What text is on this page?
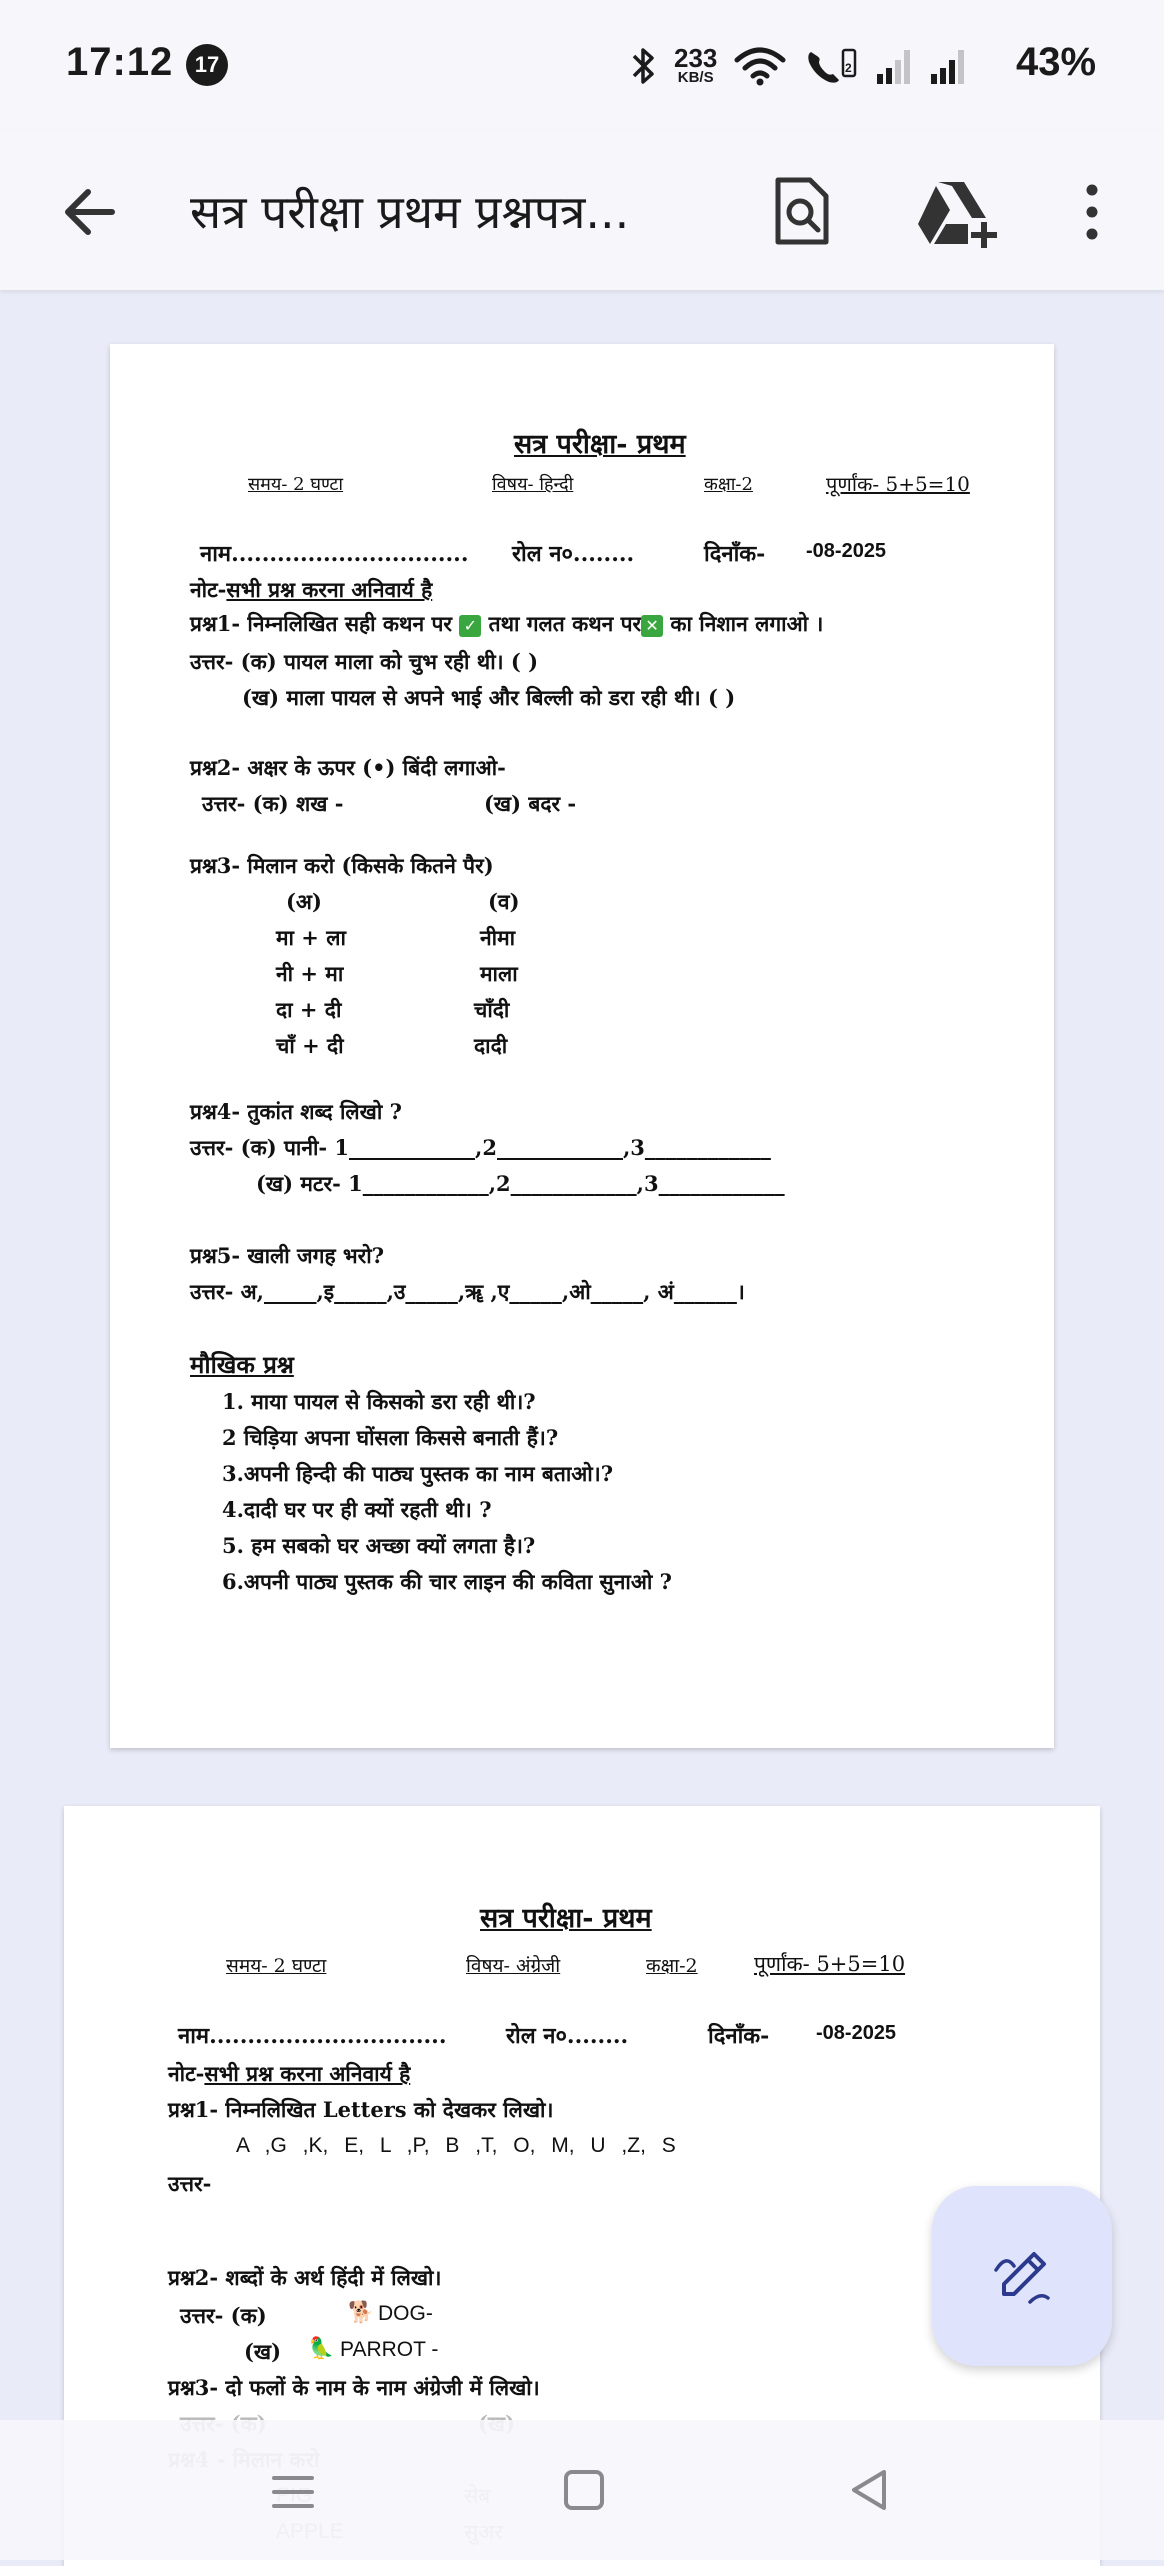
17:12 17	233
KB/S
2	43%
सत्र परीक्षा प्रथम प्रश्नपत्र...
सत्र परीक्षा- प्रथम
समय- 2 घण्टा	विषय- हिन्दी	कक्षा-2	पूर्णांक- 5+5=10
नाम............................... रोल न०........	दिनाँक- -08-2025
नोट-सभी प्रश्न करना अनिवार्य है
प्रश्न1- निम्नलिखित सही कथन पर ✓ तथा गलत कथन पर ✕ का निशान लगाओ ।
उत्तर- (क) पायल माला को चुभ रही थी। ( )
(ख) माला पायल से अपने भाई और बिल्ली को डरा रही थी। ( )
प्रश्न2- अक्षर के ऊपर (•) बिंदी लगाओ-
उत्तर- (क) शख -	(ख) बदर -
प्रश्न3- मिलान करो (किसके कितने पैर)
(अ)	(व)
मा + ला	नीमा
नी + मा	माला
दा + दी	चाँदी
चाँ + दी	दादी
प्रश्न4- तुकांत शब्द लिखो ?
उत्तर- (क) पानी- 1____________,2____________,3____________
(ख) मटर- 1____________,2____________,3____________
प्रश्न5- खाली जगह भरो?
उत्तर- अ,_____,इ_____,उ_____,ॠ ,ए_____,ओ_____, अं______।
मौखिक प्रश्न
1. माया पायल से किसको डरा रही थी।?
2 चिड़िया अपना घोंसला किससे बनाती हैं।?
3.अपनी हिन्दी की पाठ्य पुस्तक का नाम बताओ।?
4.दादी घर पर ही क्यों रहती थी। ?
5. हम सबको घर अच्छा क्यों लगता है।?
6.अपनी पाठ्य पुस्तक की चार लाइन की कविता सुनाओ ?
सत्र परीक्षा- प्रथम
समय- 2 घण्टा	विषय- अंग्रेजी	कक्षा-2	पूर्णांक- 5+5=10
नाम...............................	रोल न०........	दिनाँक- -08-2025
नोट-सभी प्रश्न करना अनिवार्य है
प्रश्न1- निम्नलिखित Letters को देखकर लिखो।
A ,G ,K, E, L ,P, B ,T, O, M, U ,Z, S
उत्तर-
प्रश्न2- शब्दों के अर्थ हिंदी में लिखो।
उत्तर- (क)	🐕 DOG-
(ख) 🦜 PARROT -
प्रश्न3- दो फलों के नाम के नाम अंग्रेजी में लिखो।
